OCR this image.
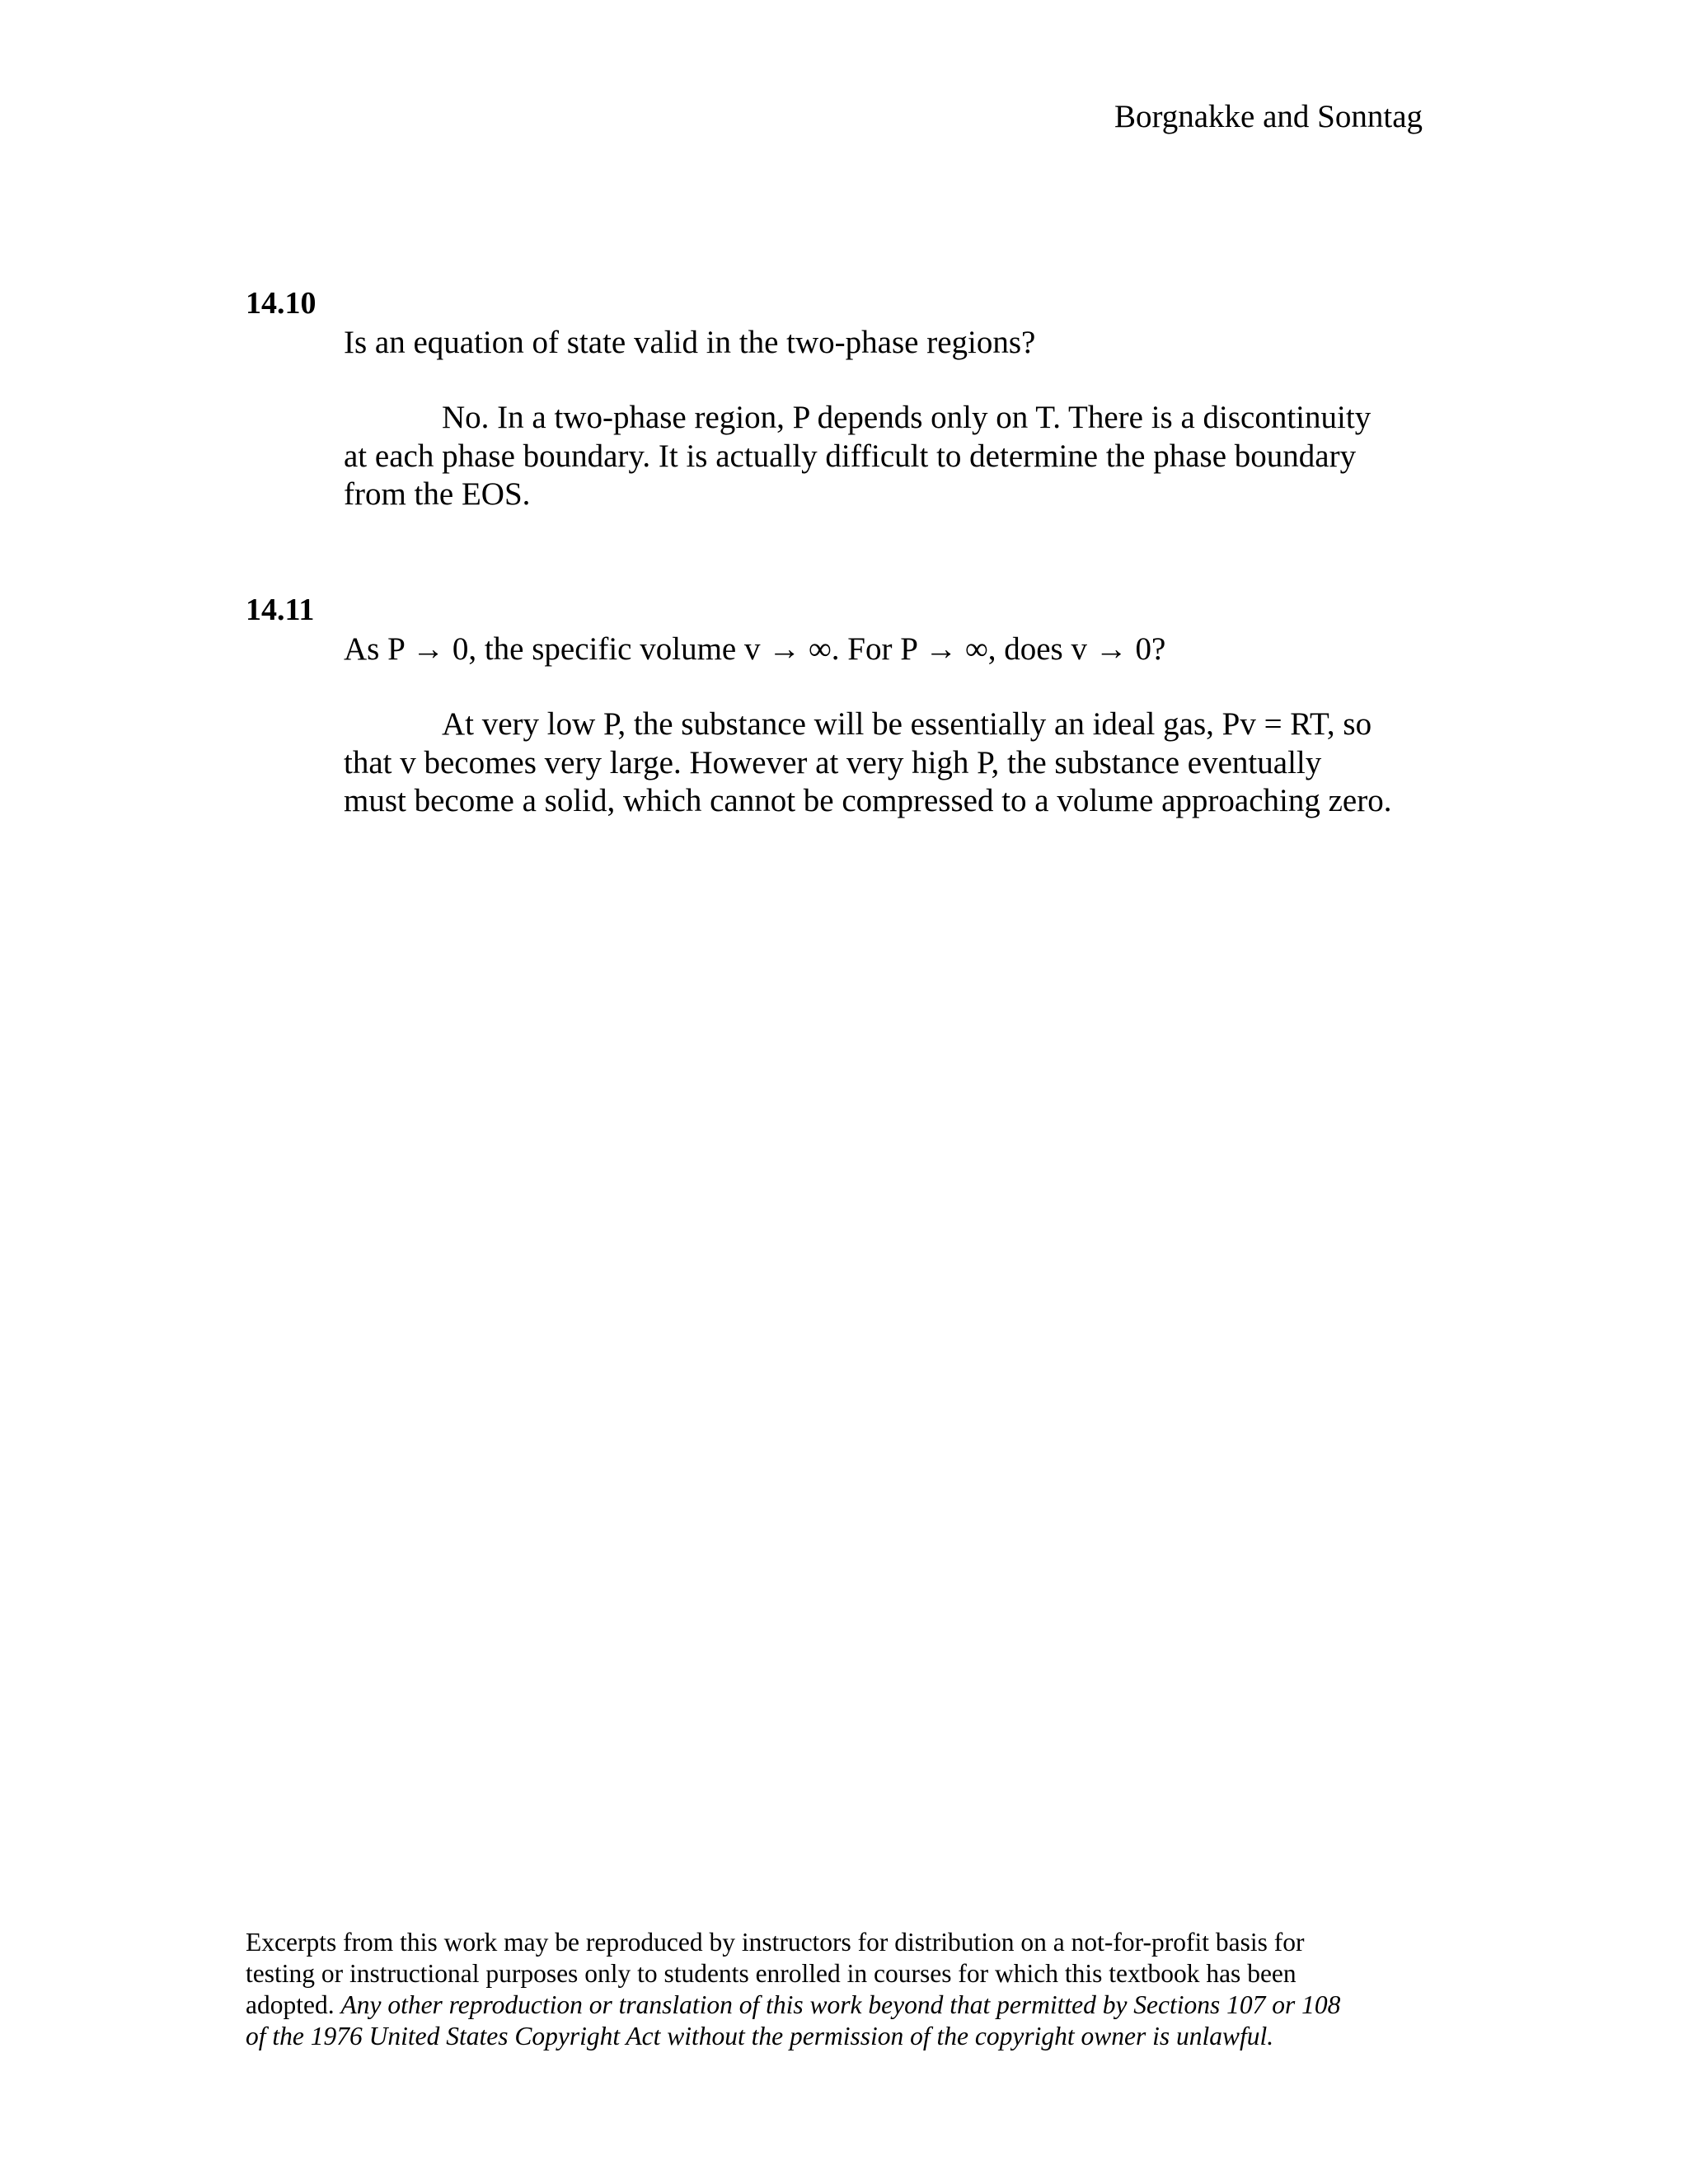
Borgnakke and Sonntag
14.10
Is an equation of state valid in the two-phase regions?
No. In a two-phase region, P depends only on T. There is a discontinuity
at each phase boundary. It is actually difficult to determine the phase boundary
from the EOS.
14.11
As P → 0, the specific volume v → ∞. For P → ∞, does v → 0?
At very low P, the substance will be essentially an ideal gas, Pv = RT, so
that v becomes very large. However at very high P, the substance eventually
must become a solid, which cannot be compressed to a volume approaching zero.
Excerpts from this work may be reproduced by instructors for distribution on a not-for-profit basis for
testing or instructional purposes only to students enrolled in courses for which this textbook has been
adopted. Any other reproduction or translation of this work beyond that permitted by Sections 107 or 108
of the 1976 United States Copyright Act without the permission of the copyright owner is unlawful.
